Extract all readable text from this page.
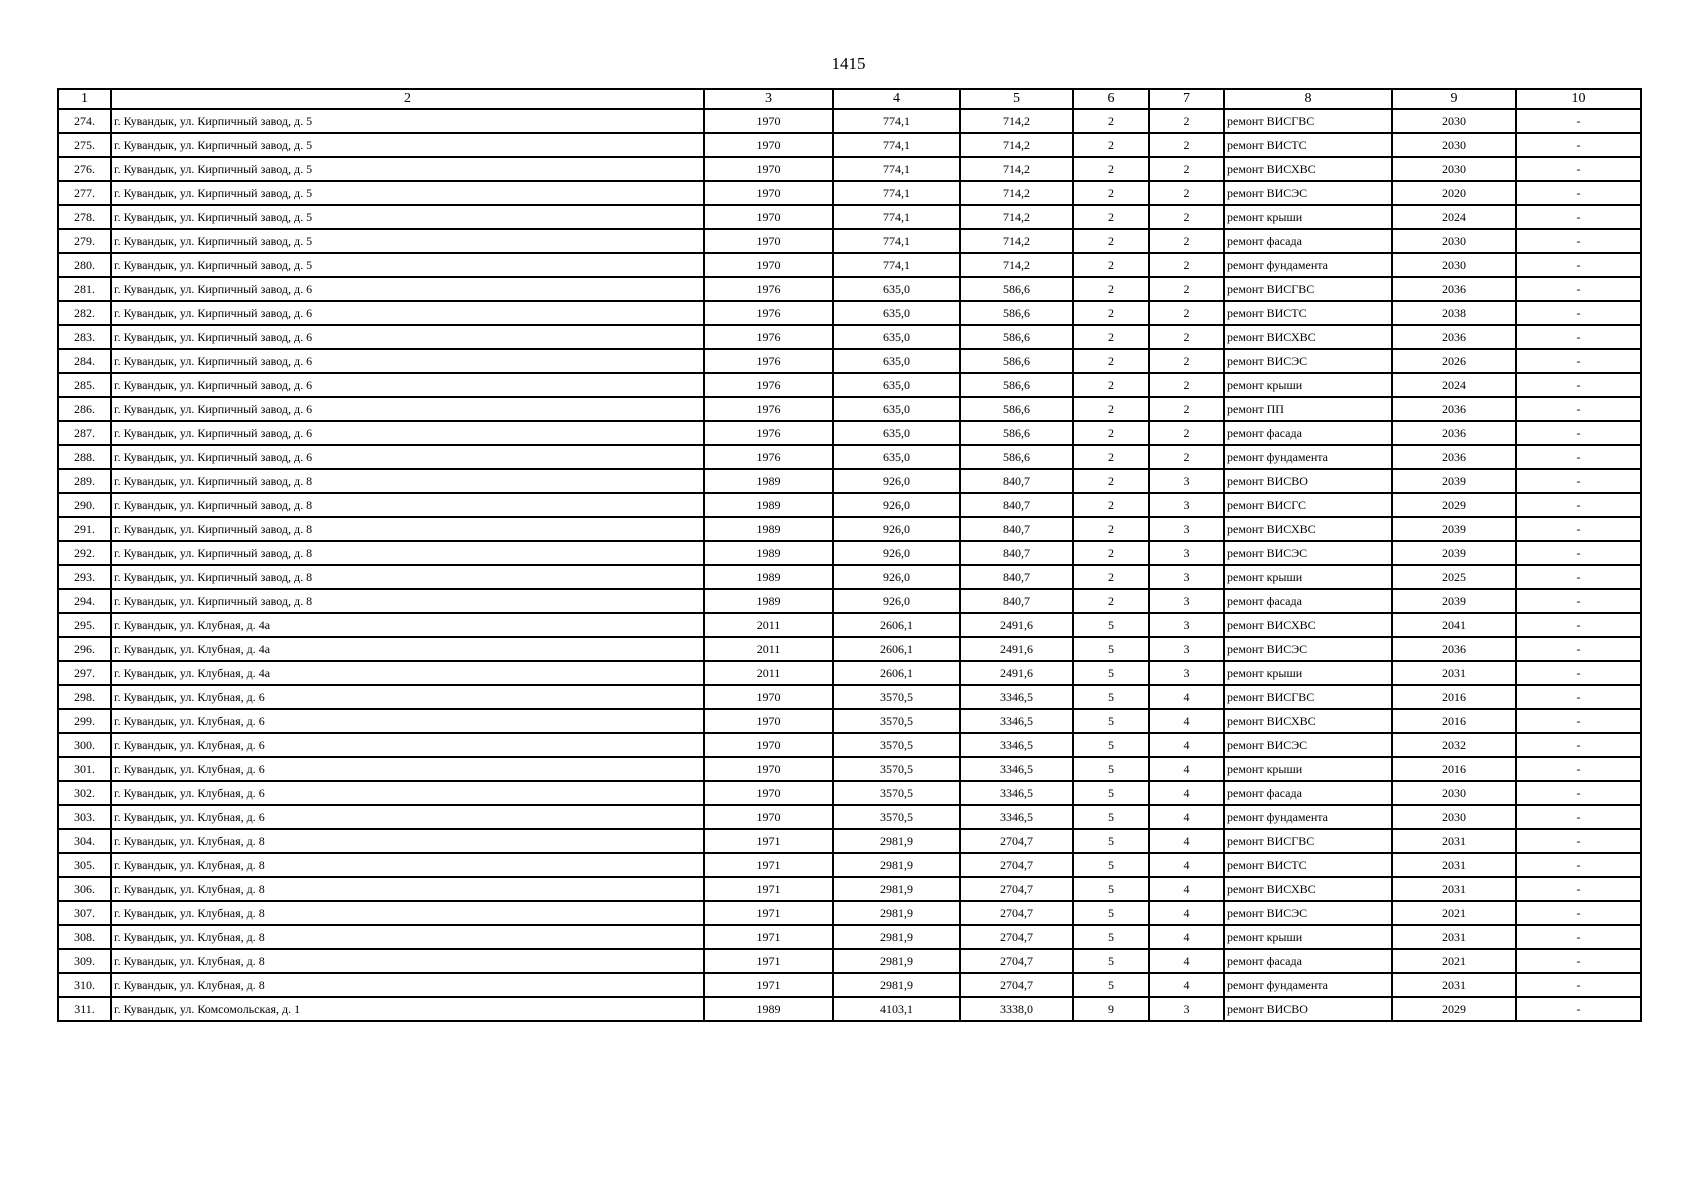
1415
1	2	3	4	5	6	7	8	9	10
274.	г. Кувандык, ул. Кирпичный завод, д. 5	1970	774,1	714,2	2	2	ремонт ВИСГВС	2030	-
275.	г. Кувандык, ул. Кирпичный завод, д. 5	1970	774,1	714,2	2	2	ремонт ВИСТС	2030	-
276.	г. Кувандык, ул. Кирпичный завод, д. 5	1970	774,1	714,2	2	2	ремонт ВИСХВС	2030	-
277.	г. Кувандык, ул. Кирпичный завод, д. 5	1970	774,1	714,2	2	2	ремонт ВИСЭС	2020	-
278.	г. Кувандык, ул. Кирпичный завод, д. 5	1970	774,1	714,2	2	2	ремонт крыши	2024	-
279.	г. Кувандык, ул. Кирпичный завод, д. 5	1970	774,1	714,2	2	2	ремонт фасада	2030	-
280.	г. Кувандык, ул. Кирпичный завод, д. 5	1970	774,1	714,2	2	2	ремонт фундамента	2030	-
281.	г. Кувандык, ул. Кирпичный завод, д. 6	1976	635,0	586,6	2	2	ремонт ВИСГВС	2036	-
282.	г. Кувандык, ул. Кирпичный завод, д. 6	1976	635,0	586,6	2	2	ремонт ВИСТС	2038	-
283.	г. Кувандык, ул. Кирпичный завод, д. 6	1976	635,0	586,6	2	2	ремонт ВИСХВС	2036	-
284.	г. Кувандык, ул. Кирпичный завод, д. 6	1976	635,0	586,6	2	2	ремонт ВИСЭС	2026	-
285.	г. Кувандык, ул. Кирпичный завод, д. 6	1976	635,0	586,6	2	2	ремонт крыши	2024	-
286.	г. Кувандык, ул. Кирпичный завод, д. 6	1976	635,0	586,6	2	2	ремонт ПП	2036	-
287.	г. Кувандык, ул. Кирпичный завод, д. 6	1976	635,0	586,6	2	2	ремонт фасада	2036	-
288.	г. Кувандык, ул. Кирпичный завод, д. 6	1976	635,0	586,6	2	2	ремонт фундамента	2036	-
289.	г. Кувандык, ул. Кирпичный завод, д. 8	1989	926,0	840,7	2	3	ремонт ВИСВО	2039	-
290.	г. Кувандык, ул. Кирпичный завод, д. 8	1989	926,0	840,7	2	3	ремонт ВИСГС	2029	-
291.	г. Кувандык, ул. Кирпичный завод, д. 8	1989	926,0	840,7	2	3	ремонт ВИСХВС	2039	-
292.	г. Кувандык, ул. Кирпичный завод, д. 8	1989	926,0	840,7	2	3	ремонт ВИСЭС	2039	-
293.	г. Кувандык, ул. Кирпичный завод, д. 8	1989	926,0	840,7	2	3	ремонт крыши	2025	-
294.	г. Кувандык, ул. Кирпичный завод, д. 8	1989	926,0	840,7	2	3	ремонт фасада	2039	-
295.	г. Кувандык, ул. Клубная, д. 4а	2011	2606,1	2491,6	5	3	ремонт ВИСХВС	2041	-
296.	г. Кувандык, ул. Клубная, д. 4а	2011	2606,1	2491,6	5	3	ремонт ВИСЭС	2036	-
297.	г. Кувандык, ул. Клубная, д. 4а	2011	2606,1	2491,6	5	3	ремонт крыши	2031	-
298.	г. Кувандык, ул. Клубная, д. 6	1970	3570,5	3346,5	5	4	ремонт ВИСГВС	2016	-
299.	г. Кувандык, ул. Клубная, д. 6	1970	3570,5	3346,5	5	4	ремонт ВИСХВС	2016	-
300.	г. Кувандык, ул. Клубная, д. 6	1970	3570,5	3346,5	5	4	ремонт ВИСЭС	2032	-
301.	г. Кувандык, ул. Клубная, д. 6	1970	3570,5	3346,5	5	4	ремонт крыши	2016	-
302.	г. Кувандык, ул. Клубная, д. 6	1970	3570,5	3346,5	5	4	ремонт фасада	2030	-
303.	г. Кувандык, ул. Клубная, д. 6	1970	3570,5	3346,5	5	4	ремонт фундамента	2030	-
304.	г. Кувандык, ул. Клубная, д. 8	1971	2981,9	2704,7	5	4	ремонт ВИСГВС	2031	-
305.	г. Кувандык, ул. Клубная, д. 8	1971	2981,9	2704,7	5	4	ремонт ВИСТС	2031	-
306.	г. Кувандык, ул. Клубная, д. 8	1971	2981,9	2704,7	5	4	ремонт ВИСХВС	2031	-
307.	г. Кувандык, ул. Клубная, д. 8	1971	2981,9	2704,7	5	4	ремонт ВИСЭС	2021	-
308.	г. Кувандык, ул. Клубная, д. 8	1971	2981,9	2704,7	5	4	ремонт крыши	2031	-
309.	г. Кувандык, ул. Клубная, д. 8	1971	2981,9	2704,7	5	4	ремонт фасада	2021	-
310.	г. Кувандык, ул. Клубная, д. 8	1971	2981,9	2704,7	5	4	ремонт фундамента	2031	-
311.	г. Кувандык, ул. Комсомольская, д. 1	1989	4103,1	3338,0	9	3	ремонт ВИСВО	2029	-
